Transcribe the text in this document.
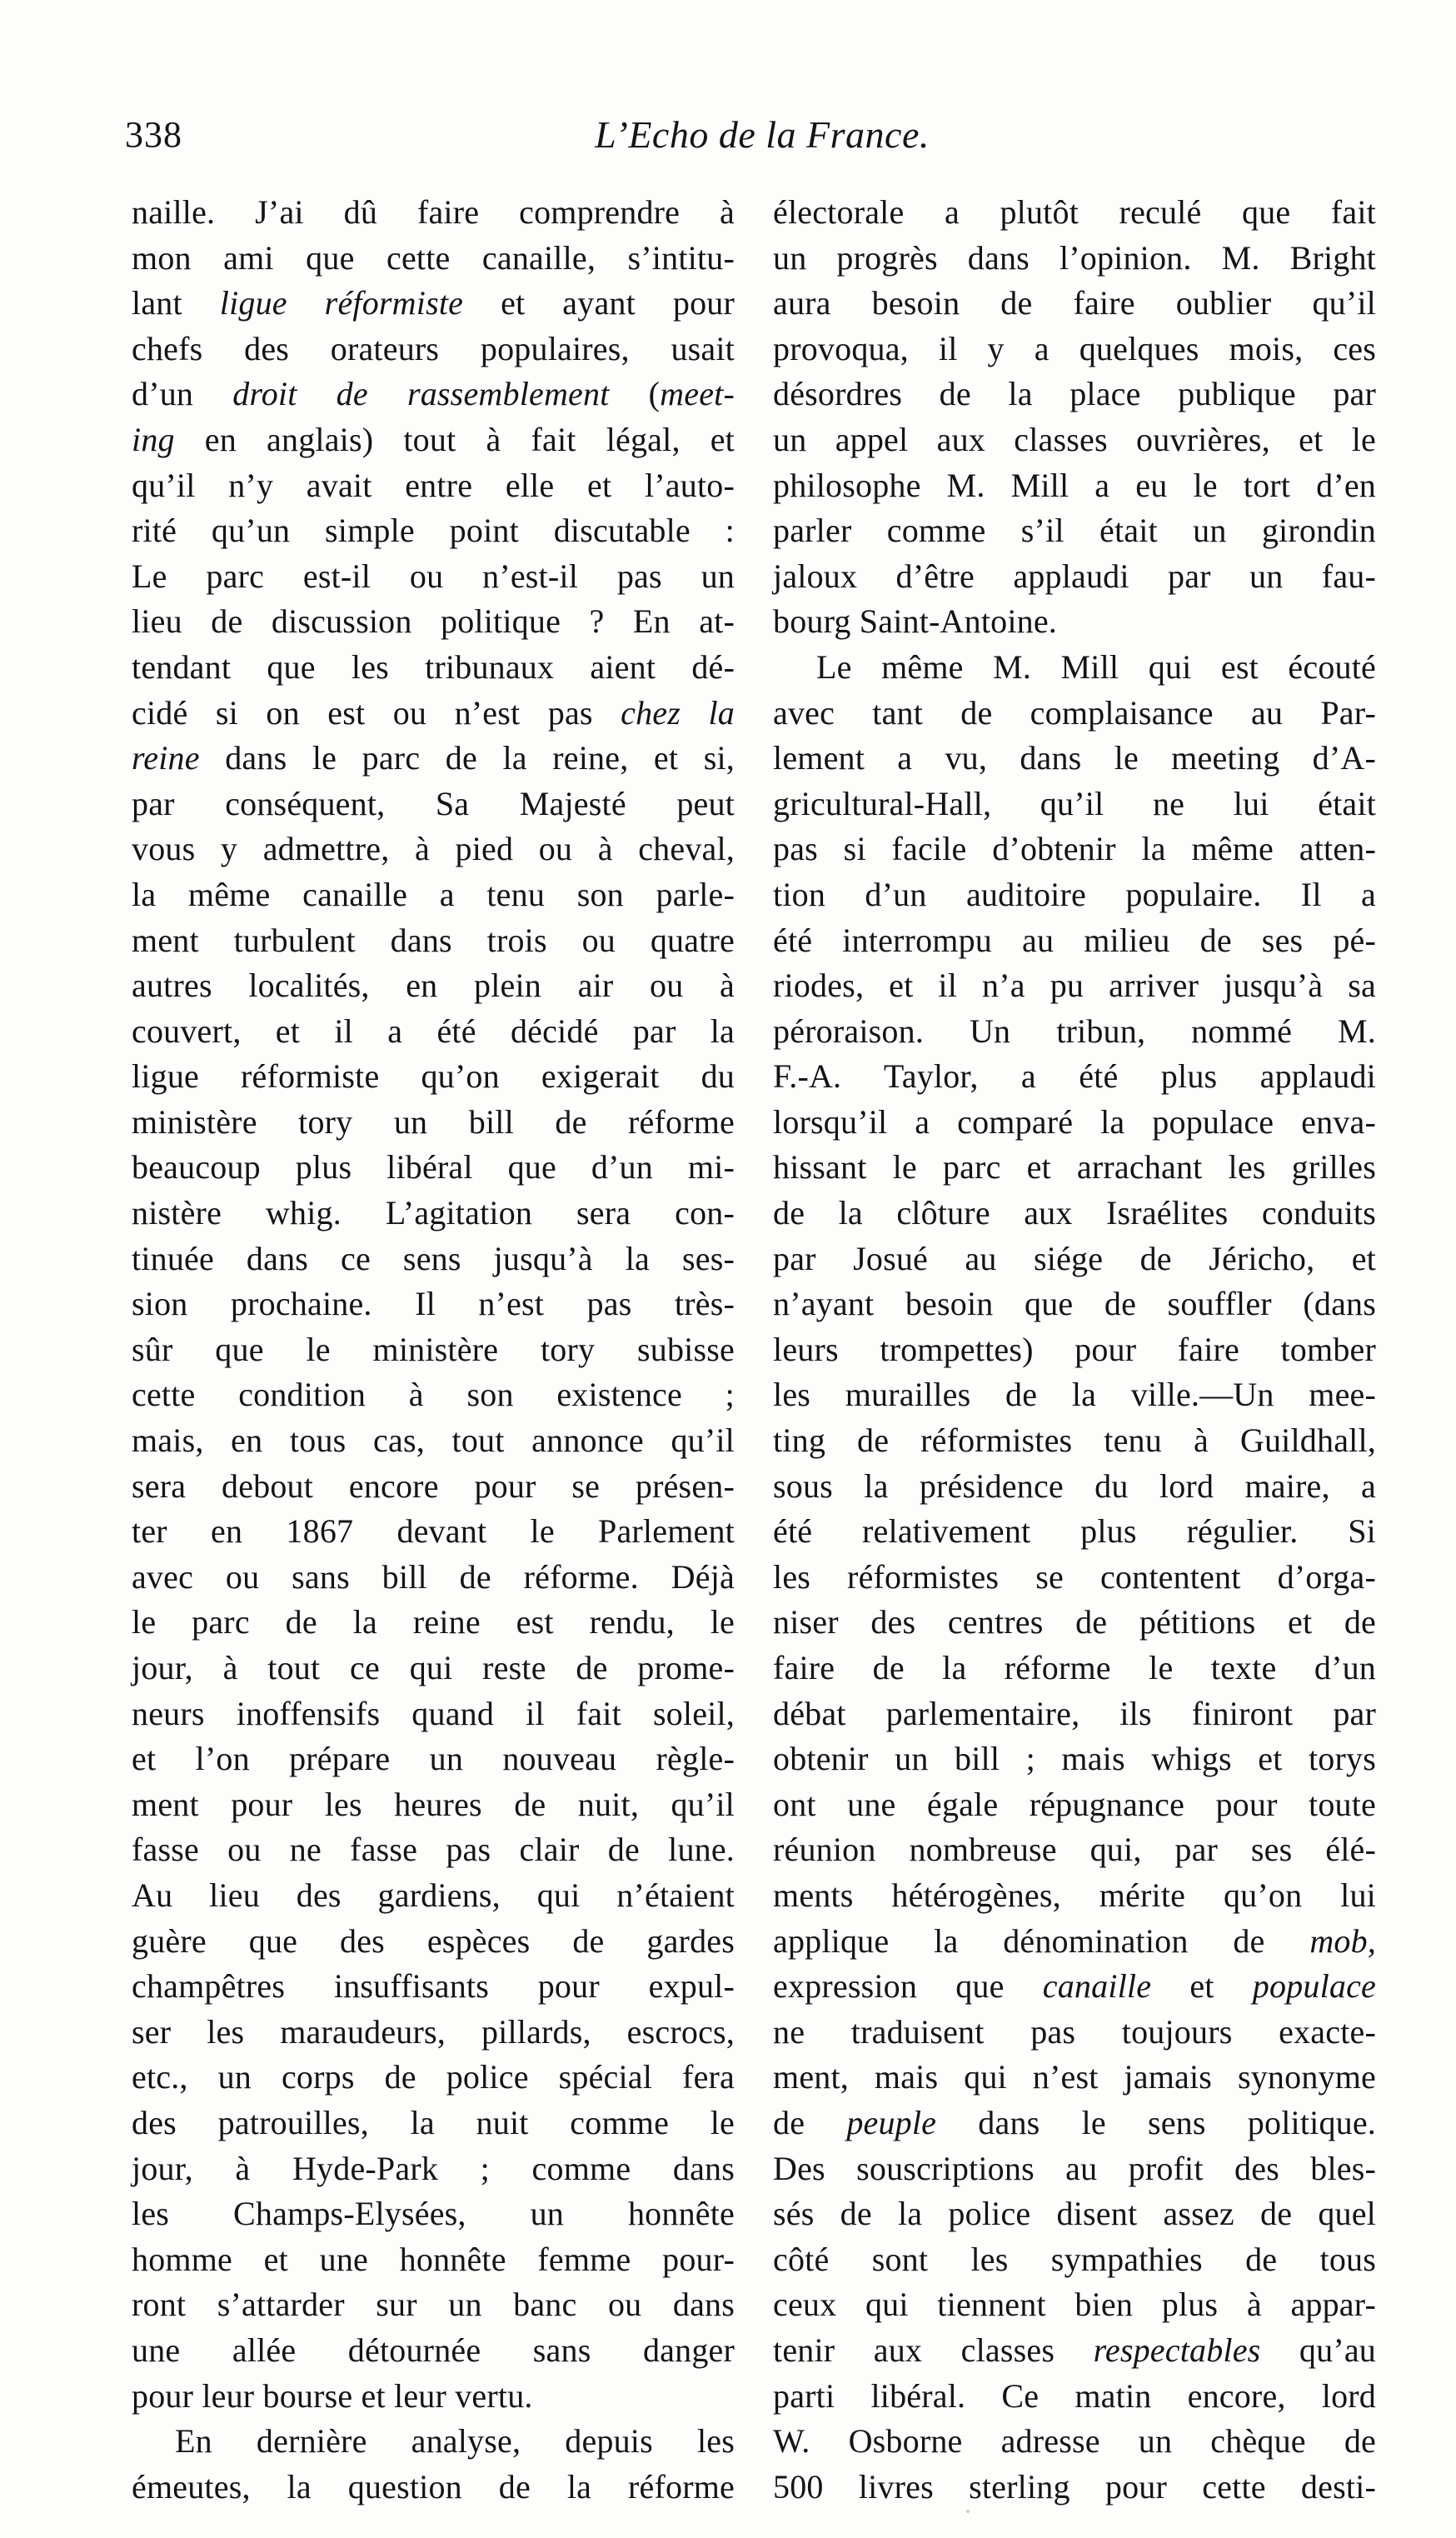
338	L’Echo de la France.
naille. J’ai dû faire comprendre à
mon ami que cette canaille, s’intitu-
lant ligue réformiste et ayant pour
chefs des orateurs populaires, usait
d’un droit de rassemblement (meet-
ing en anglais) tout à fait légal, et
qu’il n’y avait entre elle et l’auto-
rité qu’un simple point discutable :
Le parc est-il ou n’est-il pas un
lieu de discussion politique ? En at-
tendant que les tribunaux aient dé-
cidé si on est ou n’est pas chez la
reine dans le parc de la reine, et si,
par conséquent, Sa Majesté peut
vous y admettre, à pied ou à cheval,
la même canaille a tenu son parle-
ment turbulent dans trois ou quatre
autres localités, en plein air ou à
couvert, et il a été décidé par la
ligue réformiste qu’on exigerait du
ministère tory un bill de réforme
beaucoup plus libéral que d’un mi-
nistère whig. L’agitation sera con-
tinuée dans ce sens jusqu’à la ses-
sion prochaine. Il n’est pas très-
sûr que le ministère tory subisse
cette condition à son existence ;
mais, en tous cas, tout annonce qu’il
sera debout encore pour se présen-
ter en 1867 devant le Parlement
avec ou sans bill de réforme. Déjà
le parc de la reine est rendu, le
jour, à tout ce qui reste de prome-
neurs inoffensifs quand il fait soleil,
et l’on prépare un nouveau règle-
ment pour les heures de nuit, qu’il
fasse ou ne fasse pas clair de lune.
Au lieu des gardiens, qui n’étaient
guère que des espèces de gardes
champêtres insuffisants pour expul-
ser les maraudeurs, pillards, escrocs,
etc., un corps de police spécial fera
des patrouilles, la nuit comme le
jour, à Hyde-Park ; comme dans
les Champs-Elysées, un honnête
homme et une honnête femme pour-
ront s’attarder sur un banc ou dans
une allée détournée sans danger
pour leur bourse et leur vertu.
En dernière analyse, depuis les
émeutes, la question de la réforme
électorale a plutôt reculé que fait
un progrès dans l’opinion. M. Bright
aura besoin de faire oublier qu’il
provoqua, il y a quelques mois, ces
désordres de la place publique par
un appel aux classes ouvrières, et le
philosophe M. Mill a eu le tort d’en
parler comme s’il était un girondin
jaloux d’être applaudi par un fau-
bourg Saint-Antoine.
Le même M. Mill qui est écouté
avec tant de complaisance au Par-
lement a vu, dans le meeting d’A-
gricultural-Hall, qu’il ne lui était
pas si facile d’obtenir la même atten-
tion d’un auditoire populaire. Il a
été interrompu au milieu de ses pé-
riodes, et il n’a pu arriver jusqu’à sa
péroraison. Un tribun, nommé M.
F.-A. Taylor, a été plus applaudi
lorsqu’il a comparé la populace enva-
hissant le parc et arrachant les grilles
de la clôture aux Israélites conduits
par Josué au siége de Jéricho, et
n’ayant besoin que de souffler (dans
leurs trompettes) pour faire tomber
les murailles de la ville.—Un mee-
ting de réformistes tenu à Guildhall,
sous la présidence du lord maire, a
été relativement plus régulier. Si
les réformistes se contentent d’orga-
niser des centres de pétitions et de
faire de la réforme le texte d’un
débat parlementaire, ils finiront par
obtenir un bill ; mais whigs et torys
ont une égale répugnance pour toute
réunion nombreuse qui, par ses élé-
ments hétérogènes, mérite qu’on lui
applique la dénomination de mob,
expression que canaille et populace
ne traduisent pas toujours exacte-
ment, mais qui n’est jamais synonyme
de peuple dans le sens politique.
Des souscriptions au profit des bles-
sés de la police disent assez de quel
côté sont les sympathies de tous
ceux qui tiennent bien plus à appar-
tenir aux classes respectables qu’au
parti libéral. Ce matin encore, lord
W. Osborne adresse un chèque de
500 livres sterling pour cette desti-
